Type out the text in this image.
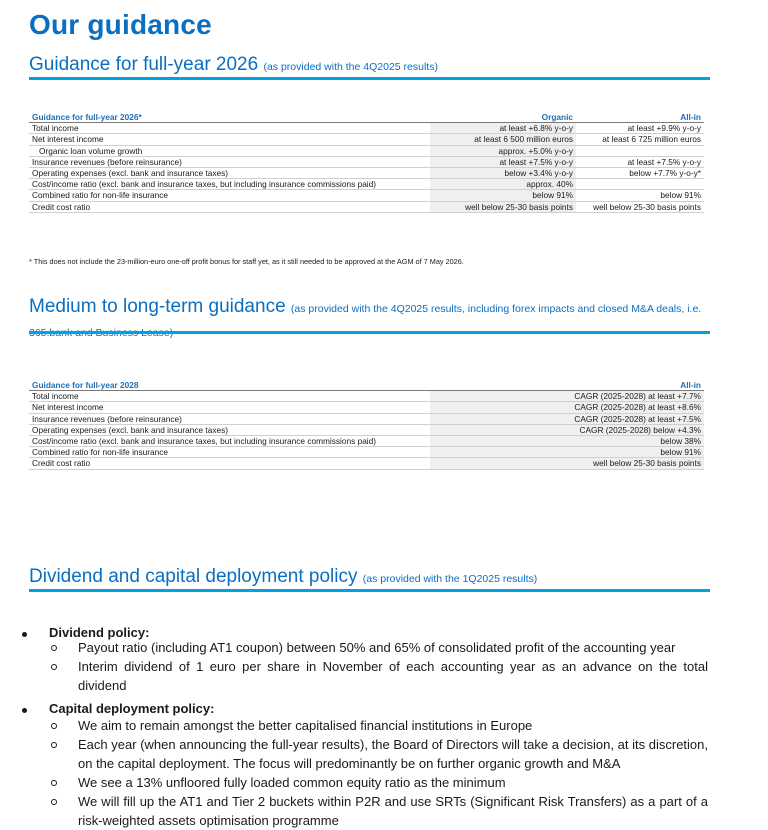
Our guidance
Guidance for full-year 2026 (as provided with the 4Q2025 results)
Guidance for full-year 2026*	Organic	All-in
Total income	at least +6.8% y-o-y	at least +9.9% y-o-y
Net interest income	at least 6 500 million euros	at least 6 725 million euros
Organic loan volume growth	approx. +5.0% y-o-y	
Insurance revenues (before reinsurance)	at least +7.5% y-o-y	at least +7.5% y-o-y
Operating expenses (excl. bank and insurance taxes)	below +3.4% y-o-y	below +7.7% y-o-y*
Cost/income ratio (excl. bank and insurance taxes, but including insurance commissions paid)	approx. 40%	
Combined ratio for non-life insurance	below 91%	below 91%
Credit cost ratio	well below 25-30 basis points	well below 25-30 basis points
* This does not include the 23-million-euro one-off profit bonus for staff yet, as it still needed to be approved at the AGM of 7 May 2026.
Medium to long-term guidance (as provided with the 4Q2025 results, including forex impacts and closed M&A deals, i.e.
Guidance for full-year 2028		All-in
Total income		CAGR (2025-2028) at least +7.7%
Net interest income		CAGR (2025-2028) at least +8.6%
Insurance revenues (before reinsurance)		CAGR (2025-2028) at least +7.5%
Operating expenses (excl. bank and insurance taxes)		CAGR (2025-2028) below +4.3%
Cost/income ratio (excl. bank and insurance taxes, but including insurance commissions paid)		below 38%
Combined ratio for non-life insurance		below 91%
Credit cost ratio		well below 25-30 basis points
Dividend and capital deployment policy (as provided with the 1Q2025 results)
Dividend policy:
Payout ratio (including AT1 coupon) between 50% and 65% of consolidated profit of the accounting year
Interim dividend of 1 euro per share in November of each accounting year as an advance on the total dividend
Capital deployment policy:
We aim to remain amongst the better capitalised financial institutions in Europe
Each year (when announcing the full-year results), the Board of Directors will take a decision, at its discretion, on the capital deployment. The focus will predominantly be on further organic growth and M&A
We see a 13% unfloored fully loaded common equity ratio as the minimum
We will fill up the AT1 and Tier 2 buckets within P2R and use SRTs (Significant Risk Transfers) as a part of a risk-weighted assets optimisation programme
